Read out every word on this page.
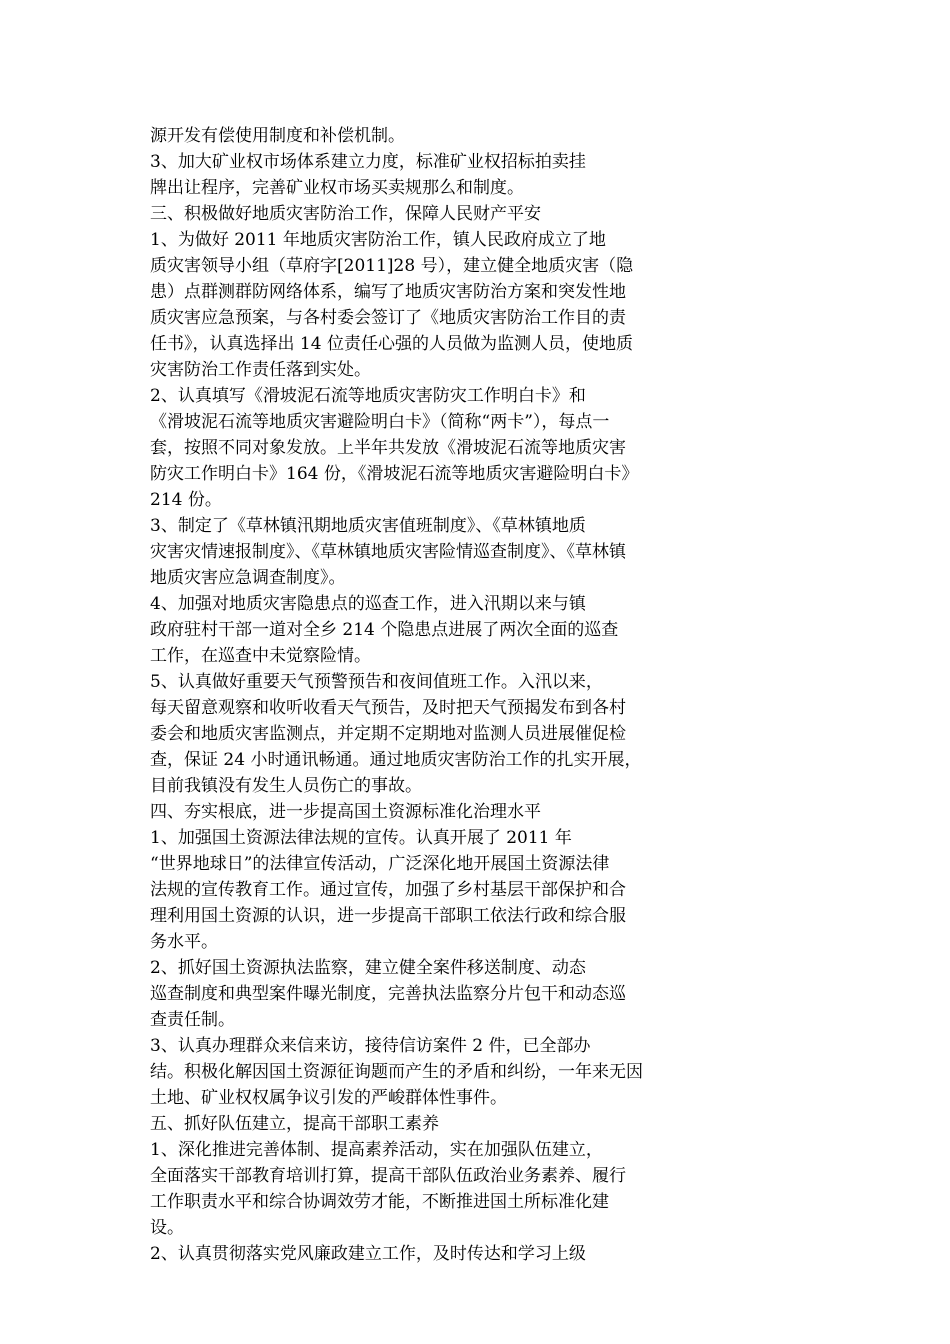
源开发有偿使用制度和补偿机制。
3、加大矿业权市场体系建立力度，标准矿业权招标拍卖挂
牌出让程序，完善矿业权市场买卖规那么和制度。
三、积极做好地质灾害防治工作，保障人民财产平安
1、为做好 2011 年地质灾害防治工作，镇人民政府成立了地
质灾害领导小组（草府字[2011]28 号），建立健全地质灾害（隐
患）点群测群防网络体系，编写了地质灾害防治方案和突发性地
质灾害应急预案，与各村委会签订了《地质灾害防治工作目的责
任书》，认真选择出 14 位责任心强的人员做为监测人员，使地质
灾害防治工作责任落到实处。
2、认真填写《滑坡泥石流等地质灾害防灾工作明白卡》和
《滑坡泥石流等地质灾害避险明白卡》（简称“两卡”），每点一
套，按照不同对象发放。上半年共发放《滑坡泥石流等地质灾害
防灾工作明白卡》164 份，《滑坡泥石流等地质灾害避险明白卡》
214 份。
3、制定了《草林镇汛期地质灾害值班制度》、《草林镇地质
灾害灾情速报制度》、《草林镇地质灾害险情巡查制度》、《草林镇
地质灾害应急调查制度》。
4、加强对地质灾害隐患点的巡查工作，进入汛期以来与镇
政府驻村干部一道对全乡 214 个隐患点进展了两次全面的巡查
工作，在巡查中未觉察险情。
5、认真做好重要天气预警预告和夜间值班工作。入汛以来，
每天留意观察和收听收看天气预告，及时把天气预揭发布到各村
委会和地质灾害监测点，并定期不定期地对监测人员进展催促检
查，保证 24 小时通讯畅通。通过地质灾害防治工作的扎实开展，
目前我镇没有发生人员伤亡的事故。
四、夯实根底，进一步提高国土资源标准化治理水平
1、加强国土资源法律法规的宣传。认真开展了 2011 年
“世界地球日”的法律宣传活动，广泛深化地开展国土资源法律
法规的宣传教育工作。通过宣传，加强了乡村基层干部保护和合
理利用国土资源的认识，进一步提高干部职工依法行政和综合服
务水平。
2、抓好国土资源执法监察，建立健全案件移送制度、动态
巡查制度和典型案件曝光制度，完善执法监察分片包干和动态巡
查责任制。
3、认真办理群众来信来访，接待信访案件 2 件，已全部办
结。积极化解因国土资源征询题而产生的矛盾和纠纷，一年来无因
土地、矿业权权属争议引发的严峻群体性事件。
五、抓好队伍建立，提高干部职工素养
1、深化推进完善体制、提高素养活动，实在加强队伍建立，
全面落实干部教育培训打算，提高干部队伍政治业务素养、履行
工作职责水平和综合协调效劳才能，不断推进国土所标准化建
设。
2、认真贯彻落实党风廉政建立工作，及时传达和学习上级
